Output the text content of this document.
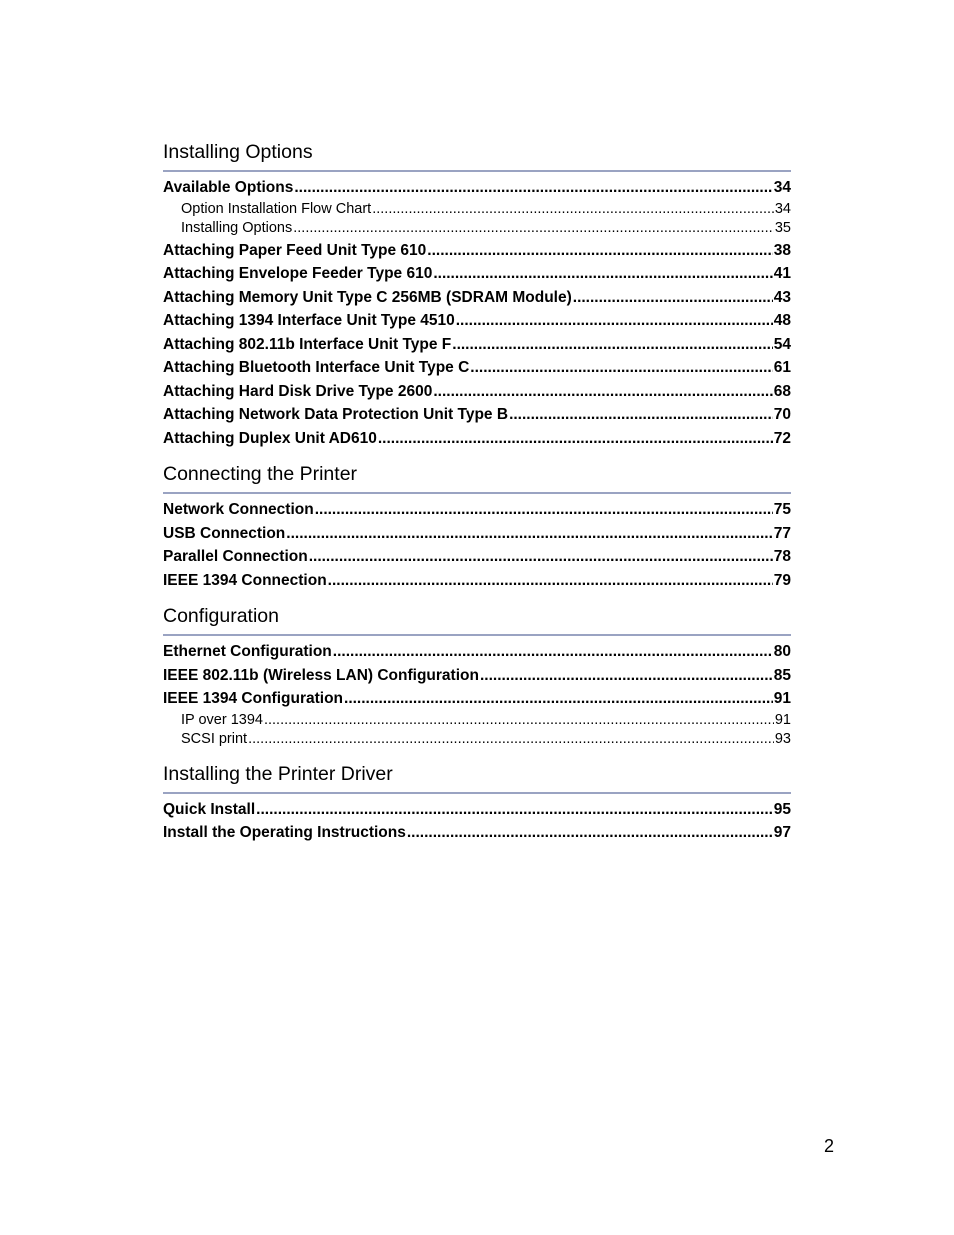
Installing Options
Available Options .....	34
Option Installation Flow Chart .....	34
Installing Options .....	35
Attaching Paper Feed Unit Type 610 .....	38
Attaching Envelope Feeder Type 610 .....	41
Attaching Memory Unit Type C 256MB (SDRAM Module) .....	43
Attaching 1394 Interface Unit Type 4510 .....	48
Attaching 802.11b Interface Unit Type F .....	54
Attaching Bluetooth Interface Unit Type C .....	61
Attaching Hard Disk Drive Type 2600 .....	68
Attaching Network Data Protection Unit Type B .....	70
Attaching Duplex Unit AD610 .....	72
Connecting the Printer
Network Connection .....	75
USB Connection .....	77
Parallel Connection .....	78
IEEE 1394 Connection .....	79
Configuration
Ethernet Configuration .....	80
IEEE 802.11b (Wireless LAN) Configuration .....	85
IEEE 1394 Configuration .....	91
IP over 1394 .....	91
SCSI print .....	93
Installing the Printer Driver
Quick Install .....	95
Install the Operating Instructions .....	97
2
